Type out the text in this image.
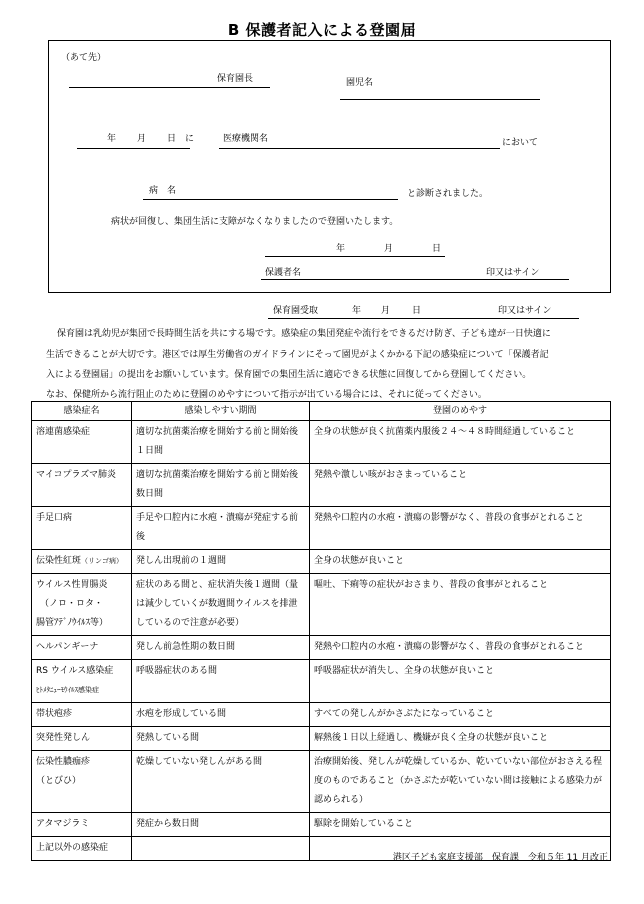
B 保護者記入による登園届
（あて先）
保育園長	園児名
年 月 日 に	医療機関名	において
病　名	と診断されました。
病状が回復し、集団生活に支障がなくなりましたので登園いたします。
年	月	日
保護者名	印又はサイン
保育園受取	年 月 日	印又はサイン
保育園は乳幼児が集団で長時間生活を共にする場です。感染症の集団発症や流行をできるだけ防ぎ、子ども達が一日快適に
生活できることが大切です。港区では厚生労働省のガイドラインにそって園児がよくかかる下記の感染症について「保護者記
入による登園届」の提出をお願いしています。保育園での集団生活に適応できる状態に回復してから登園してください。
なお、保健所から流行阻止のために登園のめやすについて指示が出ている場合には、それに従ってください。
感染症名	感染しやすい期間	登園のめやす
溶連菌感染症	適切な抗菌薬治療を開始する前と開始後１日間	全身の状態が良く抗菌薬内服後２４～４８時間経過していること
マイコプラズマ肺炎	適切な抗菌薬治療を開始する前と開始後数日間	発熱や激しい咳がおさまっていること
手足口病	手足や口腔内に水疱・潰瘍が発症する前後	発熱や口腔内の水疱・潰瘍の影響がなく、普段の食事がとれること
伝染性紅斑（リンゴ病）	発しん出現前の１週間	全身の状態が良いこと

ウイルス性胃腸炎
（ノロ・ロタ・
腸管ｱﾃﾞﾉｳｲﾙｽ等）	症状のある間と、症状消失後１週間（量は減少していくが数週間ウイルスを排泄しているので注意が必要）	嘔吐、下痢等の症状がおさまり、普段の食事がとれること
ヘルパンギーナ	発しん前急性期の数日間	発熱や口腔内の水疱・潰瘍の影響がなく、普段の食事がとれること

RS ウイルス感染症
ﾋﾄﾒﾀﾆｭｰﾓｳｲﾙｽ感染症	呼吸器症状のある間	呼吸器症状が消失し、全身の状態が良いこと
帯状疱疹	水疱を形成している間	すべての発しんがかさぶたになっていること
突発性発しん	発熱している間	解熱後１日以上経過し、機嫌が良く全身の状態が良いこと

伝染性膿痂疹
（とびひ）	乾燥していない発しんがある間	治療開始後、発しんが乾燥しているか、乾いていない部位がおさえる程度のものであること（かさぶたが乾いていない間は接触による感染力が認められる）
アタマジラミ	発症から数日間	駆除を開始していること
上記以外の感染症		
港区子ども家庭支援部　保育課　令和５年 11 月改正
